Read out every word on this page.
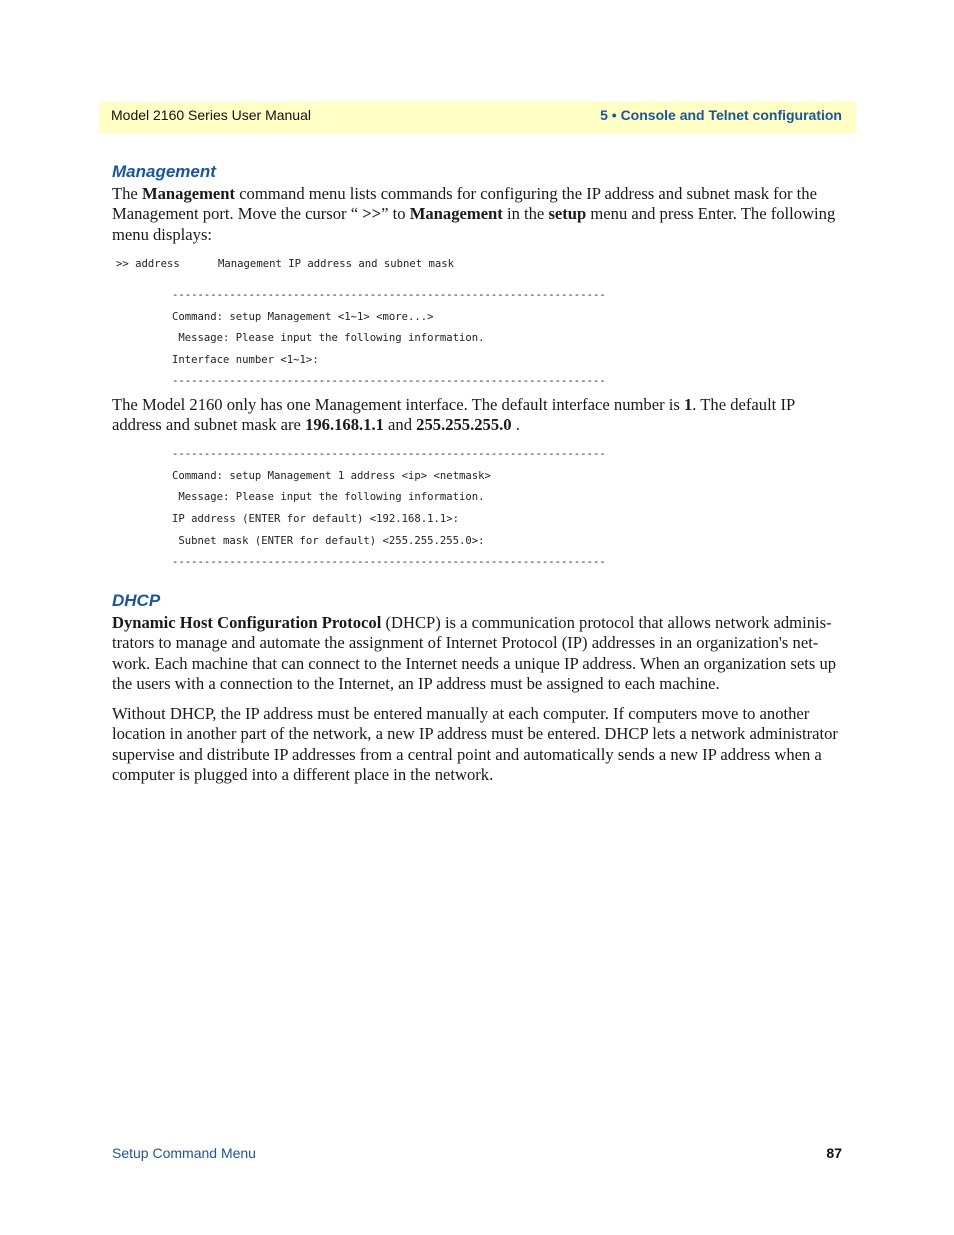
Model 2160 Series User Manual	5 • Console and Telnet configuration
Management
The Management command menu lists commands for configuring the IP address and subnet mask for the Management port. Move the cursor “ >>” to Management in the setup menu and press Enter. The following menu displays:
>> address      Management IP address and subnet mask
--------------------------------------------------------------------
Command: setup Management <1~1> <more...>
Message: Please input the following information.
Interface number <1~1>:
--------------------------------------------------------------------
The Model 2160 only has one Management interface. The default interface number is 1. The default IP address and subnet mask are 196.168.1.1 and 255.255.255.0 .
--------------------------------------------------------------------
Command: setup Management 1 address <ip> <netmask>
Message: Please input the following information.
IP address (ENTER for default) <192.168.1.1>:
Subnet mask (ENTER for default) <255.255.255.0>:
--------------------------------------------------------------------
DHCP
Dynamic Host Configuration Protocol (DHCP) is a communication protocol that allows network adminis-trators to manage and automate the assignment of Internet Protocol (IP) addresses in an organization's net-work. Each machine that can connect to the Internet needs a unique IP address. When an organization sets up the users with a connection to the Internet, an IP address must be assigned to each machine.
Without DHCP, the IP address must be entered manually at each computer. If computers move to another location in another part of the network, a new IP address must be entered. DHCP lets a network administrator supervise and distribute IP addresses from a central point and automatically sends a new IP address when a computer is plugged into a different place in the network.
Setup Command Menu	87
